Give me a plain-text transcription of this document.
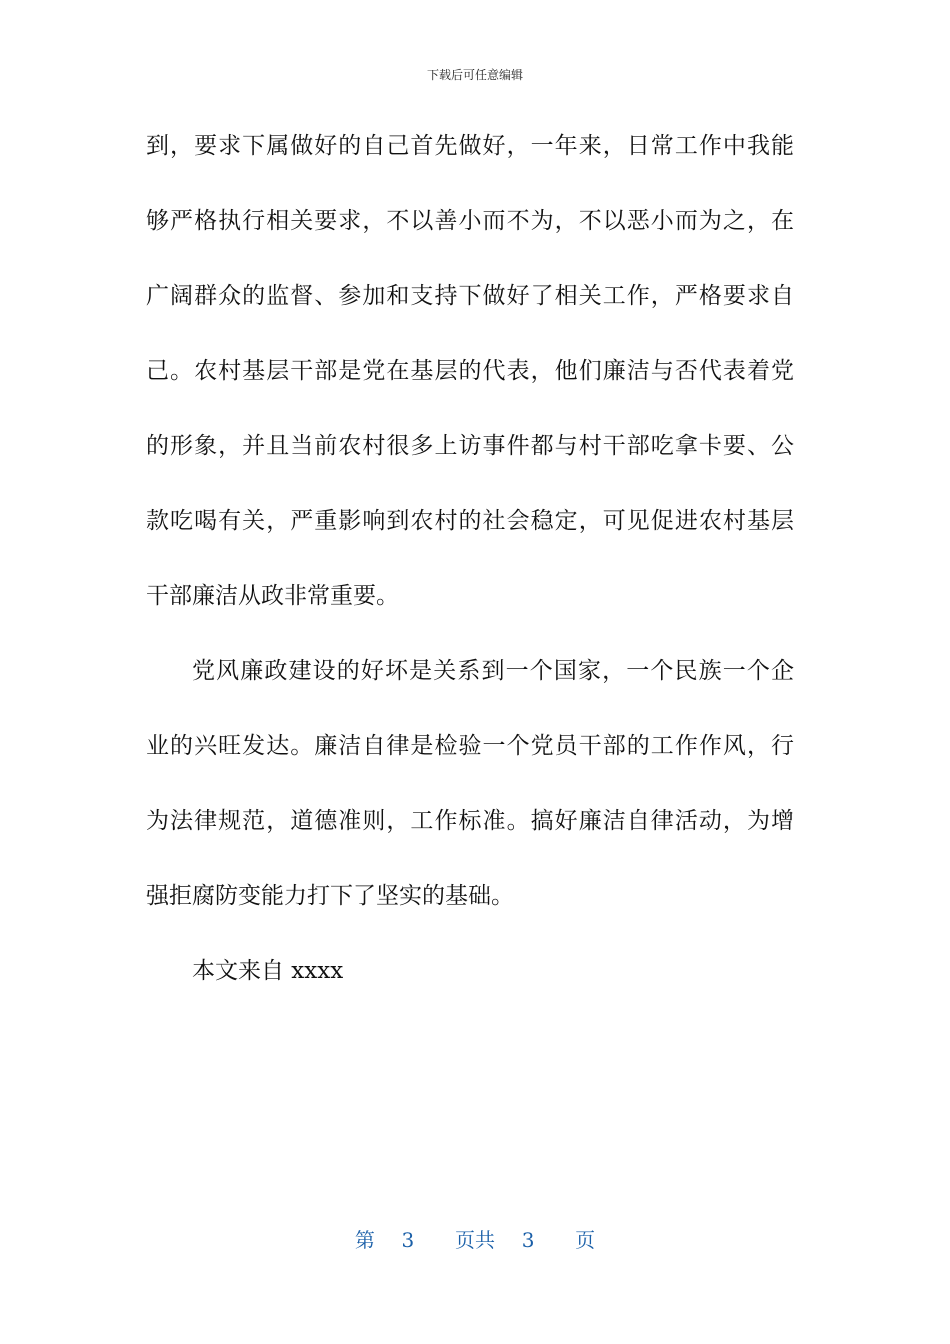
下载后可任意编辑
到，要求下属做好的自己首先做好，一年来，日常工作中我能
够严格执行相关要求，不以善小而不为，不以恶小而为之，在
广阔群众的监督、参加和支持下做好了相关工作，严格要求自
己。农村基层干部是党在基层的代表，他们廉洁与否代表着党
的形象，并且当前农村很多上访事件都与村干部吃拿卡要、公
款吃喝有关，严重影响到农村的社会稳定，可见促进农村基层
干部廉洁从政非常重要。
党风廉政建设的好坏是关系到一个国家，一个民族一个企
业的兴旺发达。廉洁自律是检验一个党员干部的工作作风，行
为法律规范，道德准则，工作标准。搞好廉洁自律活动，为增
强拒腐防变能力打下了坚实的基础。
本文来自 xxxx
第 3 页共 3 页
